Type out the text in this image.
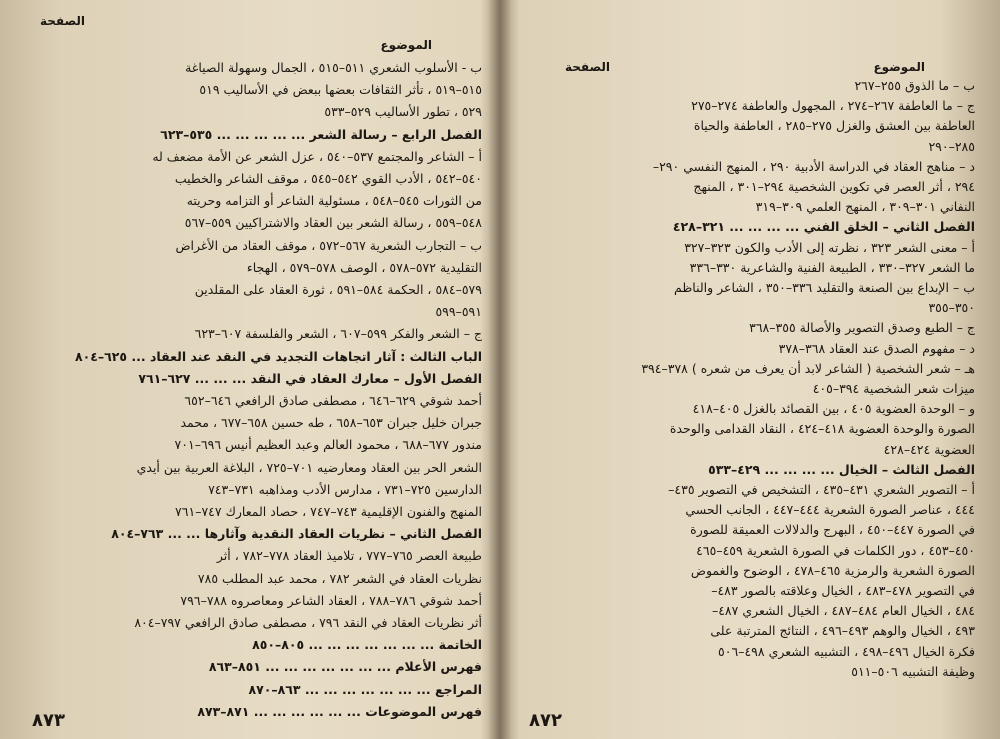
الصفحة
الموضوع
ب - الأسلوب الشعري ٥١١–٥١٥ ، الجمال وسهولة الصياغة
٥١٥–٥١٩ ، تأثر الثقافات بعضها ببعض في الأساليب ٥١٩
٥٢٩ ، تطور الأساليب ٥٢٩–٥٣٣
الفصل الرابع – رسالة الشعر ... ... ... ... ... ٥٣٥–٦٢٣
أ – الشاعر والمجتمع ٥٣٧–٥٤٠ ، عزل الشعر عن الأمة مضعف له
٥٤٠–٥٤٢ ، الأدب القوي ٥٤٢–٥٤٥ ، موقف الشاعر والخطيب
من الثورات ٥٤٥–٥٤٨ ، مسئولية الشاعر أو التزامه وحريته
٥٤٨–٥٥٩ ، رسالة الشعر بين العقاد والاشتراكيين ٥٥٩–٥٦٧
ب – التجارب الشعرية ٥٦٧–٥٧٢ ، موقف العقاد من الأغراض
التقليدية ٥٧٢–٥٧٨ ، الوصف ٥٧٨–٥٧٩ ، الهجاء
٥٧٩–٥٨٤ ، الحكمة ٥٨٤–٥٩١ ، ثورة العقاد على المقلدين
٥٩١–٥٩٩
ج – الشعر والفكر ٥٩٩–٦٠٧ ، الشعر والفلسفة ٦٠٧–٦٢٣
الباب الثالث : آثار اتجاهات التجديد في النقد عند العقاد ... ٦٢٥–٨٠٤
الفصل الأول – معارك العقاد في النقد ... ... ... ٦٢٧–٧٦١
أحمد شوقي ٦٢٩–٦٤٦ ، مصطفى صادق الرافعي ٦٤٦–٦٥٢
جبران خليل جبران ٦٥٣–٦٥٨ ، طه حسين ٦٥٨–٦٧٧ ، محمد
مندور ٦٧٧–٦٨٨ ، محمود العالم وعبد العظيم أنيس ٦٩٦–٧٠١
الشعر الحر بين العقاد ومعارضيه ٧٠١–٧٢٥ ، البلاغة العربية بين أيدي
الدارسين ٧٢٥–٧٣١ ، مدارس الأدب ومذاهبه ٧٣١–٧٤٣
المنهج والفنون الإقليمية ٧٤٣–٧٤٧ ، حصاد المعارك ٧٤٧–٧٦١
الفصل الثاني – نظريات العقاد النقدية وآثارها ... ... ٧٦٣–٨٠٤
طبيعة العصر ٧٦٥–٧٧٧ ، تلاميذ العقاد ٧٧٨–٧٨٢ ، أثر
نظريات العقاد في الشعر ٧٨٢ ، محمد عبد المطلب ٧٨٥
أحمد شوقي ٧٨٦–٧٨٨ ، العقاد الشاعر ومعاصروه ٧٨٨–٧٩٦
أثر نظريات العقاد في النقد ٧٩٦ ، مصطفى صادق الرافعي ٧٩٧–٨٠٤
الخاتمة ... ... ... ... ... ... ... ٨٠٥–٨٥٠
فهرس الأعلام ... ... ... ... ... ... ... ٨٥١–٨٦٣
المراجع ... ... ... ... ... ... ... ٨٦٣–٨٧٠
فهرس الموضوعات ... ... ... ... ... ... ٨٧١–٨٧٣
٨٧٣
الصفحة	الموضوع
ب – ما الذوق ٢٥٥–٢٦٧
ج – ما العاطفة ٢٦٧–٢٧٤ ، المجهول والعاطفة ٢٧٤–٢٧٥
العاطفة بين العشق والغزل ٢٧٥–٢٨٥ ، العاطفة والحياة
٢٨٥–٢٩٠
د – مناهج العقاد في الدراسة الأدبية ٢٩٠ ، المنهج النفسي ٢٩٠–
٢٩٤ ، أثر العصر في تكوين الشخصية ٢٩٤–٣٠١ ، المنهج
النفاني ٣٠١–٣٠٩ ، المنهج العلمي ٣٠٩–٣١٩
الفصل الثاني – الخلق الفني ... ... ... ... ٣٢١–٤٢٨
أ – معنى الشعر ٣٢٣ ، نظرته إلى الأدب والكون ٣٢٣–٣٢٧
ما الشعر ٣٢٧–٣٣٠ ، الطبيعة الفنية والشاعرية ٣٣٠–٣٣٦
ب – الإبداع بين الصنعة والتقليد ٣٣٦–٣٥٠ ، الشاعر والناظم
٣٥٠–٣٥٥
ج – الطبع وصدق التصوير والأصالة ٣٥٥–٣٦٨
د – مفهوم الصدق عند العقاد ٣٦٨–٣٧٨
هـ – شعر الشخصية ( الشاعر لابد أن يعرف من شعره ) ٣٧٨–٣٩٤
ميزات شعر الشخصية ٣٩٤–٤٠٥
و – الوحدة العضوية ٤٠٥ ، بين القصائد بالغزل ٤٠٥–٤١٨
الصورة والوحدة العضوية ٤١٨–٤٢٤ ، النقاد القدامى والوحدة
العضوية ٤٢٤–٤٢٨
الفصل الثالث – الخيال ... ... ... ... ٤٢٩–٥٣٣
أ – التصوير الشعري ٤٣١–٤٣٥ ، التشخيص في التصوير ٤٣٥–
٤٤٤ ، عناصر الصورة الشعرية ٤٤٤–٤٤٧ ، الجانب الحسي
في الصورة ٤٤٧–٤٥٠ ، البهرج والدلالات العميقة للصورة
٤٥٠–٤٥٣ ، دور الكلمات في الصورة الشعرية ٤٥٩–٤٦٥
الصورة الشعرية والرمزية ٤٦٥–٤٧٨ ، الوضوح والغموض
في التصوير ٤٧٨–٤٨٣ ، الخيال وعلاقته بالصور ٤٨٣–
٤٨٤ ، الخيال العام ٤٨٤–٤٨٧ ، الخيال الشعري ٤٨٧–
٤٩٣ ، الخيال والوهم ٤٩٣–٤٩٦ ، النتائج المترتبة على
فكرة الخيال ٤٩٦–٤٩٨ ، التشبيه الشعري ٤٩٨–٥٠٦
وظيفة التشبيه ٥٠٦–٥١١
٨٧٢
